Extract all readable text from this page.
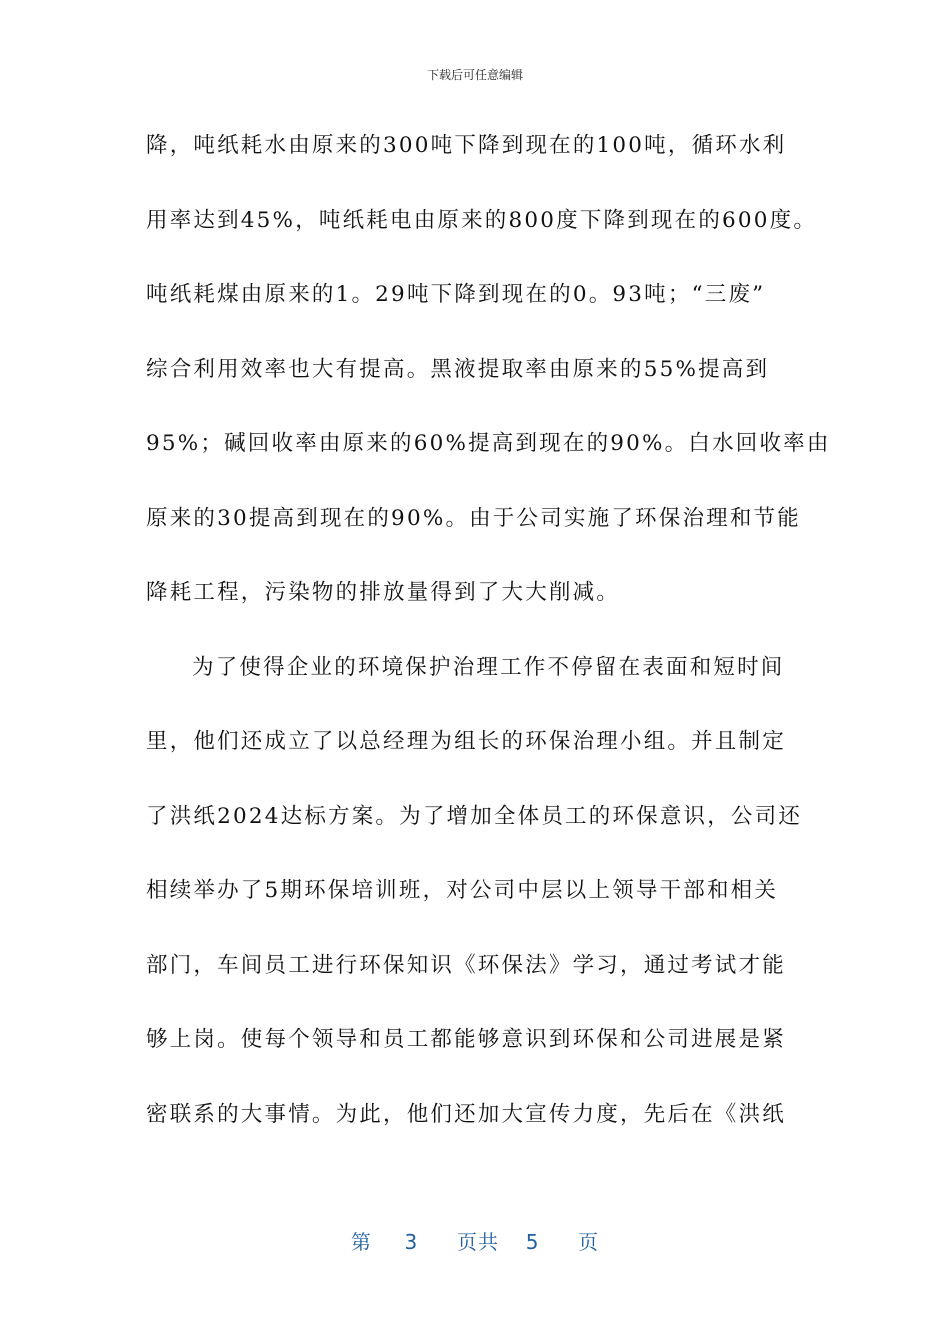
下载后可任意编辑
降，吨纸耗水由原来的300吨下降到现在的100吨，循环水利
用率达到45%，吨纸耗电由原来的800度下降到现在的600度。
吨纸耗煤由原来的1。29吨下降到现在的0。93吨；“三废”
综合利用效率也大有提高。黑液提取率由原来的55%提高到
95%；碱回收率由原来的60%提高到现在的90%。白水回收率由
原来的30提高到现在的90%。由于公司实施了环保治理和节能
降耗工程，污染物的排放量得到了大大削减。
为了使得企业的环境保护治理工作不停留在表面和短时间
里，他们还成立了以总经理为组长的环保治理小组。并且制定
了洪纸2024达标方案。为了增加全体员工的环保意识，公司还
相续举办了5期环保培训班，对公司中层以上领导干部和相关
部门，车间员工进行环保知识《环保法》学习，通过考试才能
够上岗。使每个领导和员工都能够意识到环保和公司进展是紧
密联系的大事情。为此，他们还加大宣传力度，先后在《洪纸
第 3 页共 5 页
